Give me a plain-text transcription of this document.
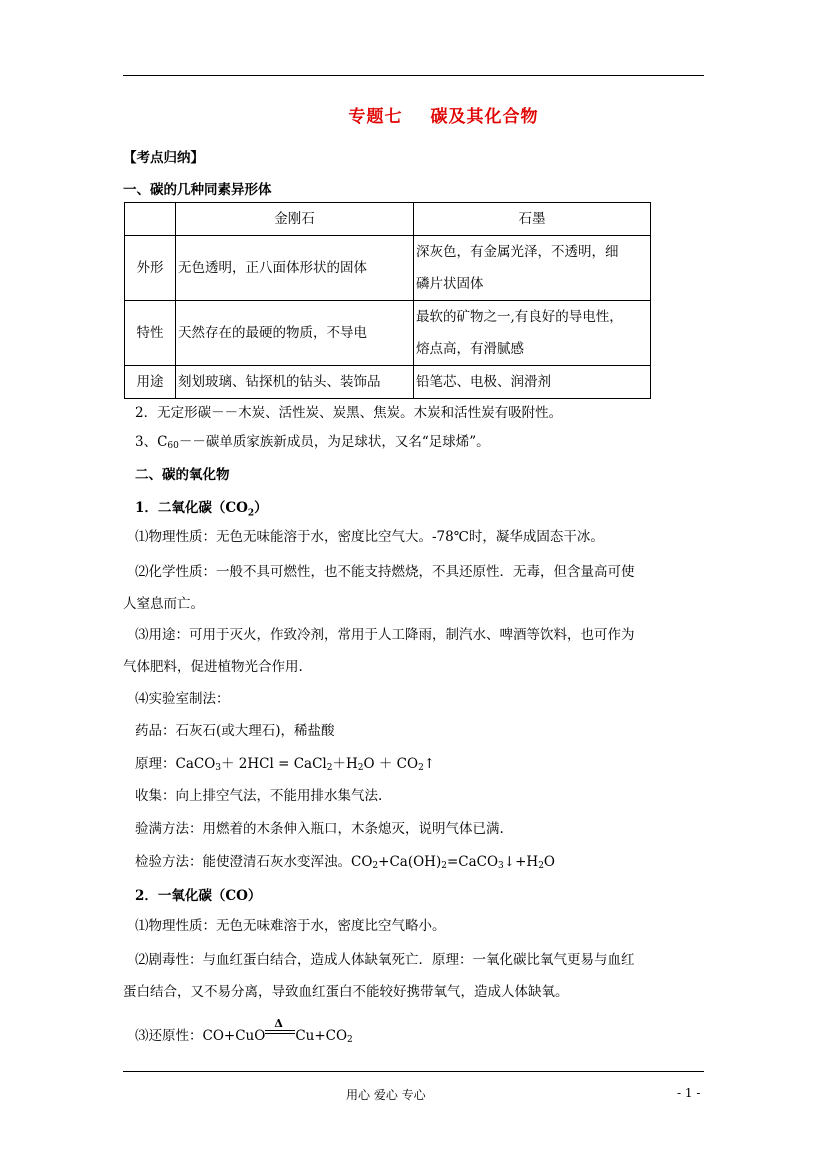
专题七 碳及其化合物
【考点归纳】
一、碳的几种同素异形体
	金刚石	石墨
外形	无色透明，正八面体形状的固体	深灰色，有金属光泽，不透明，细
磷片状固体

特性	天然存在的最硬的物质，不导电	最软的矿物之一,有良好的导电性，
熔点高，有滑腻感

用途	刻划玻璃、钻探机的钻头、装饰品	铅笔芯、电极、润滑剂
2．无定形碳－－木炭、活性炭、炭黑、焦炭。木炭和活性炭有吸附性。
3、$C_{60}--$碳单质家族新成员，为足球状，又名“足球烯”。
二、碳的氧化物
1．二氧化碳$(CO_2)$
⑴物理性质：无色无味能溶于水，密度比空气大。-78℃时，凝华成固态干冰。
⑵化学性质：一般不具可燃性，也不能支持燃烧，不具还原性．无毒，但含量高可使
人窒息而亡。
⑶用途：可用于灭火，作致冷剂，常用于人工降雨，制汽水、啤酒等饮料，也可作为
气体肥料，促进植物光合作用.
⑷实验室制法：
药品：石灰石(或大理石)，稀盐酸
原理：CaCO$_3$＋ $2HCl = CaCl_2+H_2O$ ＋ $CO_2↑$
收集：向上排空气法，不能用排水集气法.
验满方法：用燃着的木条伸入瓶口，木条熄灭，说明气体已满.
检验方法：能使澄清石灰水变浑浊。$CO_2+Ca(OH)_2=CaCO_3↓+H_2O$
2．一氧化碳（CO）
⑴物理性质：无色无味难溶于水，密度比空气略小。
⑵剧毒性：与血红蛋白结合，造成人体缺氧死亡．原理：一氧化碳比氧气更易与血红
蛋白结合，又不易分离，导致血红蛋白不能较好携带氧气，造成人体缺氧。
⑶还原性：CO+CuO
Δ
$Cu+CO_2$
用心 爱心 专心	- 1 -
